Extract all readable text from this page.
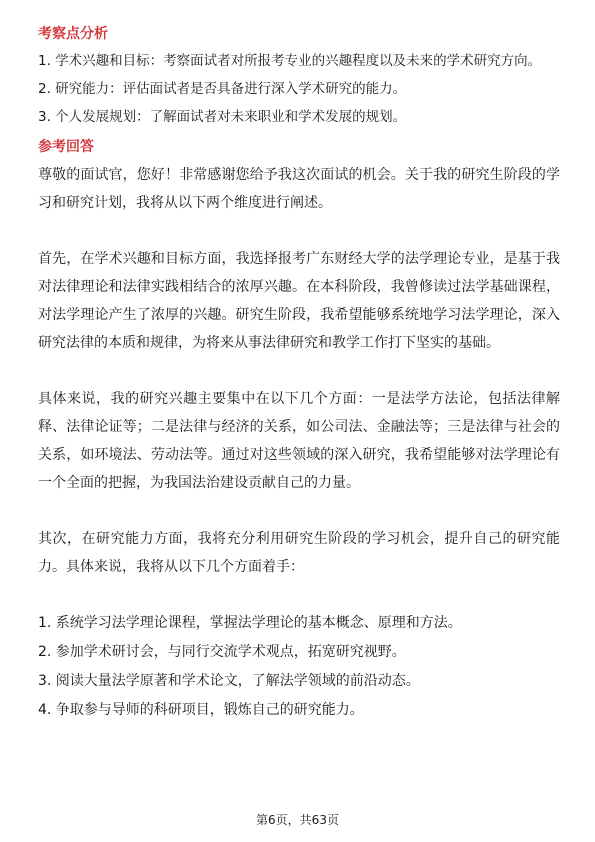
考察点分析

1. 学术兴趣和目标：考察面试者对所报考专业的兴趣程度以及未来的学术研究方向。

2. 研究能力：评估面试者是否具备进行深入学术研究的能力。

3. 个人发展规划：了解面试者对未来职业和学术发展的规划。

参考回答

尊敬的面试官，您好！非常感谢您给予我这次面试的机会。关于我的研究生阶段的学习和研究计划，我将从以下两个维度进行阐述。

首先，在学术兴趣和目标方面，我选择报考广东财经大学的法学理论专业，是基于我对法律理论和法律实践相结合的浓厚兴趣。在本科阶段，我曾修读过法学基础课程，对法学理论产生了浓厚的兴趣。研究生阶段，我希望能够系统地学习法学理论，深入研究法律的本质和规律，为将来从事法律研究和教学工作打下坚实的基础。

具体来说，我的研究兴趣主要集中在以下几个方面：一是法学方法论，包括法律解释、法律论证等；二是法律与经济的关系，如公司法、金融法等；三是法律与社会的关系，如环境法、劳动法等。通过对这些领域的深入研究，我希望能够对法学理论有一个全面的把握，为我国法治建设贡献自己的力量。

其次，在研究能力方面，我将充分利用研究生阶段的学习机会，提升自己的研究能力。具体来说，我将从以下几个方面着手：

1. 系统学习法学理论课程，掌握法学理论的基本概念、原理和方法。

2. 参加学术研讨会，与同行交流学术观点，拓宽研究视野。

3. 阅读大量法学原著和学术论文，了解法学领域的前沿动态。

4. 争取参与导师的科研项目，锻炼自己的研究能力。

第6页，共63页
